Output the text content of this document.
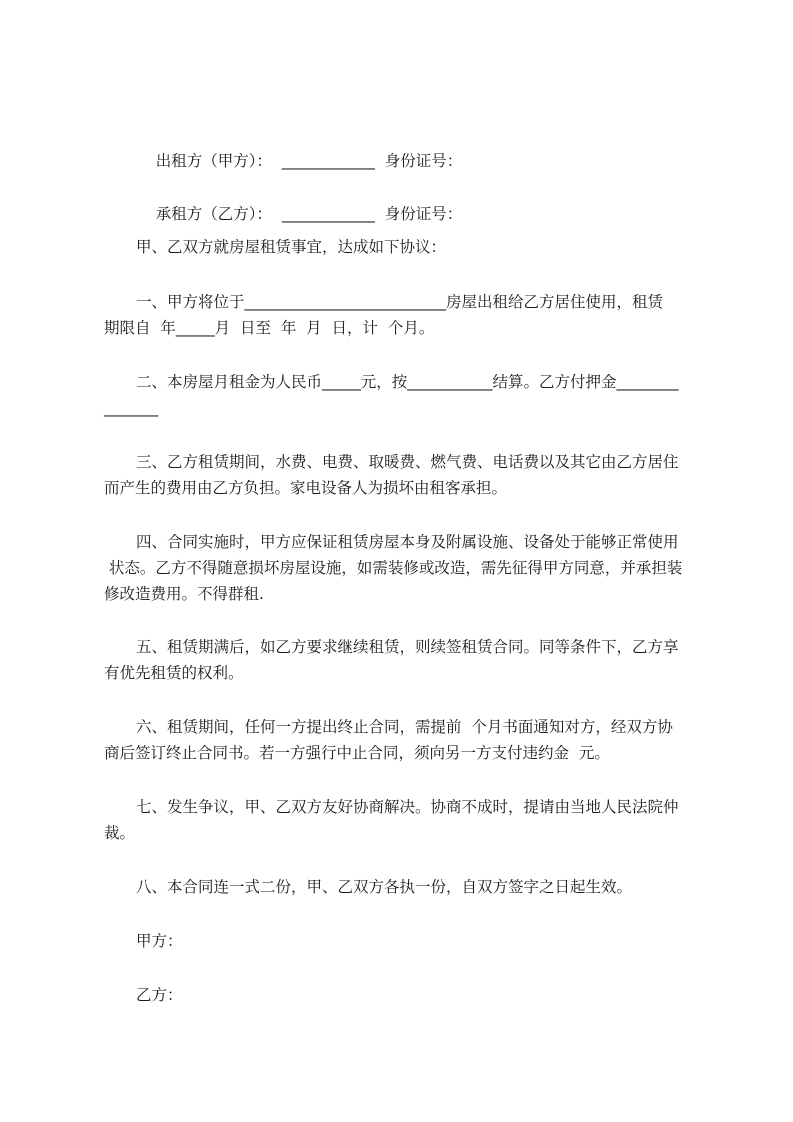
出租方（甲方）： ____________ 身份证号：

承租方（乙方）： ____________ 身份证号：

甲、乙双方就房屋租赁事宜，达成如下协议：
一、甲方将位于__________________________房屋出租给乙方居住使用，租赁
期限自  年_____月  日至  年  月  日，计  个月。
二、本房屋月租金为人民币_____元，按___________结算。乙方付押金________
_______
三、乙方租赁期间，水费、电费、取暖费、燃气费、电话费以及其它由乙方居住
而产生的费用由乙方负担。家电设备人为损坏由租客承担。
四、合同实施时，甲方应保证租赁房屋本身及附属设施、设备处于能够正常使用
状态。乙方不得随意损坏房屋设施，如需装修或改造，需先征得甲方同意，并承担装
修改造费用。不得群租.
五、租赁期满后，如乙方要求继续租赁，则续签租赁合同。同等条件下，乙方享
有优先租赁的权利。
六、租赁期间，任何一方提出终止合同，需提前  个月书面通知对方，经双方协
商后签订终止合同书。若一方强行中止合同，须向另一方支付违约金  元。
七、发生争议，甲、乙双方友好协商解决。协商不成时，提请由当地人民法院仲
裁。
八、本合同连一式二份，甲、乙双方各执一份，自双方签字之日起生效。
甲方：
乙方：
